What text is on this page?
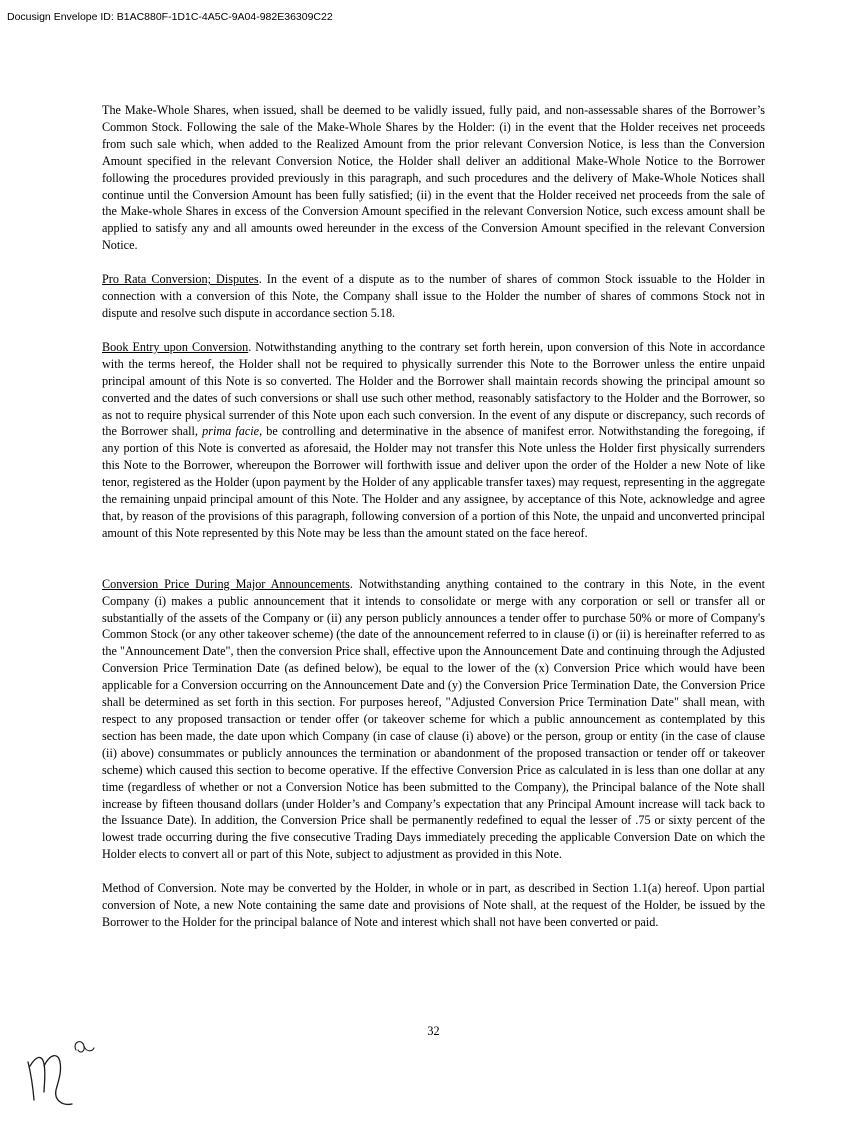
Docusign Envelope ID: B1AC880F-1D1C-4A5C-9A04-982E36309C22

The Make-Whole Shares, when issued, shall be deemed to be validly issued, fully paid, and non-assessable shares of the Borrower’s Common Stock. Following the sale of the Make-Whole Shares by the Holder: (i) in the event that the Holder receives net proceeds from such sale which, when added to the Realized Amount from the prior relevant Conversion Notice, is less than the Conversion Amount specified in the relevant Conversion Notice, the Holder shall deliver an additional Make-Whole Notice to the Borrower following the procedures provided previously in this paragraph, and such procedures and the delivery of Make-Whole Notices shall continue until the Conversion Amount has been fully satisfied; (ii) in the event that the Holder received net proceeds from the sale of the Make-whole Shares in excess of the Conversion Amount specified in the relevant Conversion Notice, such excess amount shall be applied to satisfy any and all amounts owed hereunder in the excess of the Conversion Amount specified in the relevant Conversion Notice.

Pro Rata Conversion; Disputes. In the event of a dispute as to the number of shares of common Stock issuable to the Holder in connection with a conversion of this Note, the Company shall issue to the Holder the number of shares of commons Stock not in dispute and resolve such dispute in accordance section 5.18.

Book Entry upon Conversion. Notwithstanding anything to the contrary set forth herein, upon conversion of this Note in accordance with the terms hereof, the Holder shall not be required to physically surrender this Note to the Borrower unless the entire unpaid principal amount of this Note is so converted. The Holder and the Borrower shall maintain records showing the principal amount so converted and the dates of such conversions or shall use such other method, reasonably satisfactory to the Holder and the Borrower, so as not to require physical surrender of this Note upon each such conversion. In the event of any dispute or discrepancy, such records of the Borrower shall, prima facie, be controlling and determinative in the absence of manifest error. Notwithstanding the foregoing, if any portion of this Note is converted as aforesaid, the Holder may not transfer this Note unless the Holder first physically surrenders this Note to the Borrower, whereupon the Borrower will forthwith issue and deliver upon the order of the Holder a new Note of like tenor, registered as the Holder (upon payment by the Holder of any applicable transfer taxes) may request, representing in the aggregate the remaining unpaid principal amount of this Note. The Holder and any assignee, by acceptance of this Note, acknowledge and agree that, by reason of the provisions of this paragraph, following conversion of a portion of this Note, the unpaid and unconverted principal amount of this Note represented by this Note may be less than the amount stated on the face hereof.

Conversion Price During Major Announcements. Notwithstanding anything contained to the contrary in this Note, in the event Company (i) makes a public announcement that it intends to consolidate or merge with any corporation or sell or transfer all or substantially of the assets of the Company or (ii) any person publicly announces a tender offer to purchase 50% or more of Company's Common Stock (or any other takeover scheme) (the date of the announcement referred to in clause (i) or (ii) is hereinafter referred to as the "Announcement Date", then the conversion Price shall, effective upon the Announcement Date and continuing through the Adjusted Conversion Price Termination Date (as defined below), be equal to the lower of the (x) Conversion Price which would have been applicable for a Conversion occurring on the Announcement Date and (y) the Conversion Price Termination Date, the Conversion Price shall be determined as set forth in this section. For purposes hereof, "Adjusted Conversion Price Termination Date" shall mean, with respect to any proposed transaction or tender offer (or takeover scheme for which a public announcement as contemplated by this section has been made, the date upon which Company (in case of clause (i) above) or the person, group or entity (in the case of clause (ii) above) consummates or publicly announces the termination or abandonment of the proposed transaction or tender off or takeover scheme) which caused this section to become operative. If the effective Conversion Price as calculated in is less than one dollar at any time (regardless of whether or not a Conversion Notice has been submitted to the Company), the Principal balance of the Note shall increase by fifteen thousand dollars (under Holder’s and Company’s expectation that any Principal Amount increase will tack back to the Issuance Date). In addition, the Conversion Price shall be permanently redefined to equal the lesser of .75 or sixty percent of the lowest trade occurring during the five consecutive Trading Days immediately preceding the applicable Conversion Date on which the Holder elects to convert all or part of this Note, subject to adjustment as provided in this Note.

Method of Conversion. Note may be converted by the Holder, in whole or in part, as described in Section 1.1(a) hereof. Upon partial conversion of Note, a new Note containing the same date and provisions of Note shall, at the request of the Holder, be issued by the Borrower to the Holder for the principal balance of Note and interest which shall not have been converted or paid.

32
